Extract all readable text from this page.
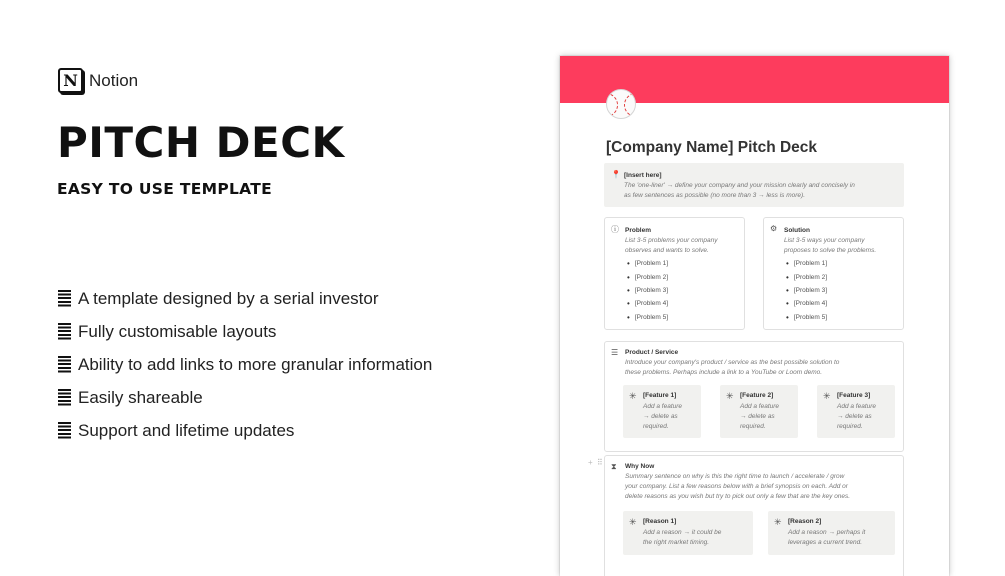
N Notion
PITCH DECK
EASY TO USE TEMPLATE
A template designed by a serial investor
Fully customisable layouts
Ability to add links to more granular information
Easily shareable
Support and lifetime updates
[Company Name] Pitch Deck
📍 [Insert here]
The 'one-liner' → define your company and your mission clearly and concisely in
as few sentences as possible (no more than 3 → less is more).
ⓘ Problem
List 3-5 problems your company
observes and wants to solve.
• [Problem 1]
• [Problem 2]
• [Problem 3]
• [Problem 4]
• [Problem 5]
⚙ Solution
List 3-5 ways your company
proposes to solve the problems.
• [Problem 1]
• [Problem 2]
• [Problem 3]
• [Problem 4]
• [Problem 5]
☰ Product / Service
Introduce your company's product / service as the best possible solution to
these problems. Perhaps include a link to a YouTube or Loom demo.
✳ [Feature 1]
Add a feature
→ delete as
required.
✳ [Feature 2]
Add a feature
→ delete as
required.
✳ [Feature 3]
Add a feature
→ delete as
required.
+ ⠿ ⧗ Why Now
Summary sentence on why is this the right time to launch / accelerate / grow
your company. List a few reasons below with a brief synopsis on each. Add or
delete reasons as you wish but try to pick out only a few that are the key ones.
✳ [Reason 1]
Add a reason → it could be
the right market timing.
✳ [Reason 2]
Add a reason → perhaps it
leverages a current trend.
